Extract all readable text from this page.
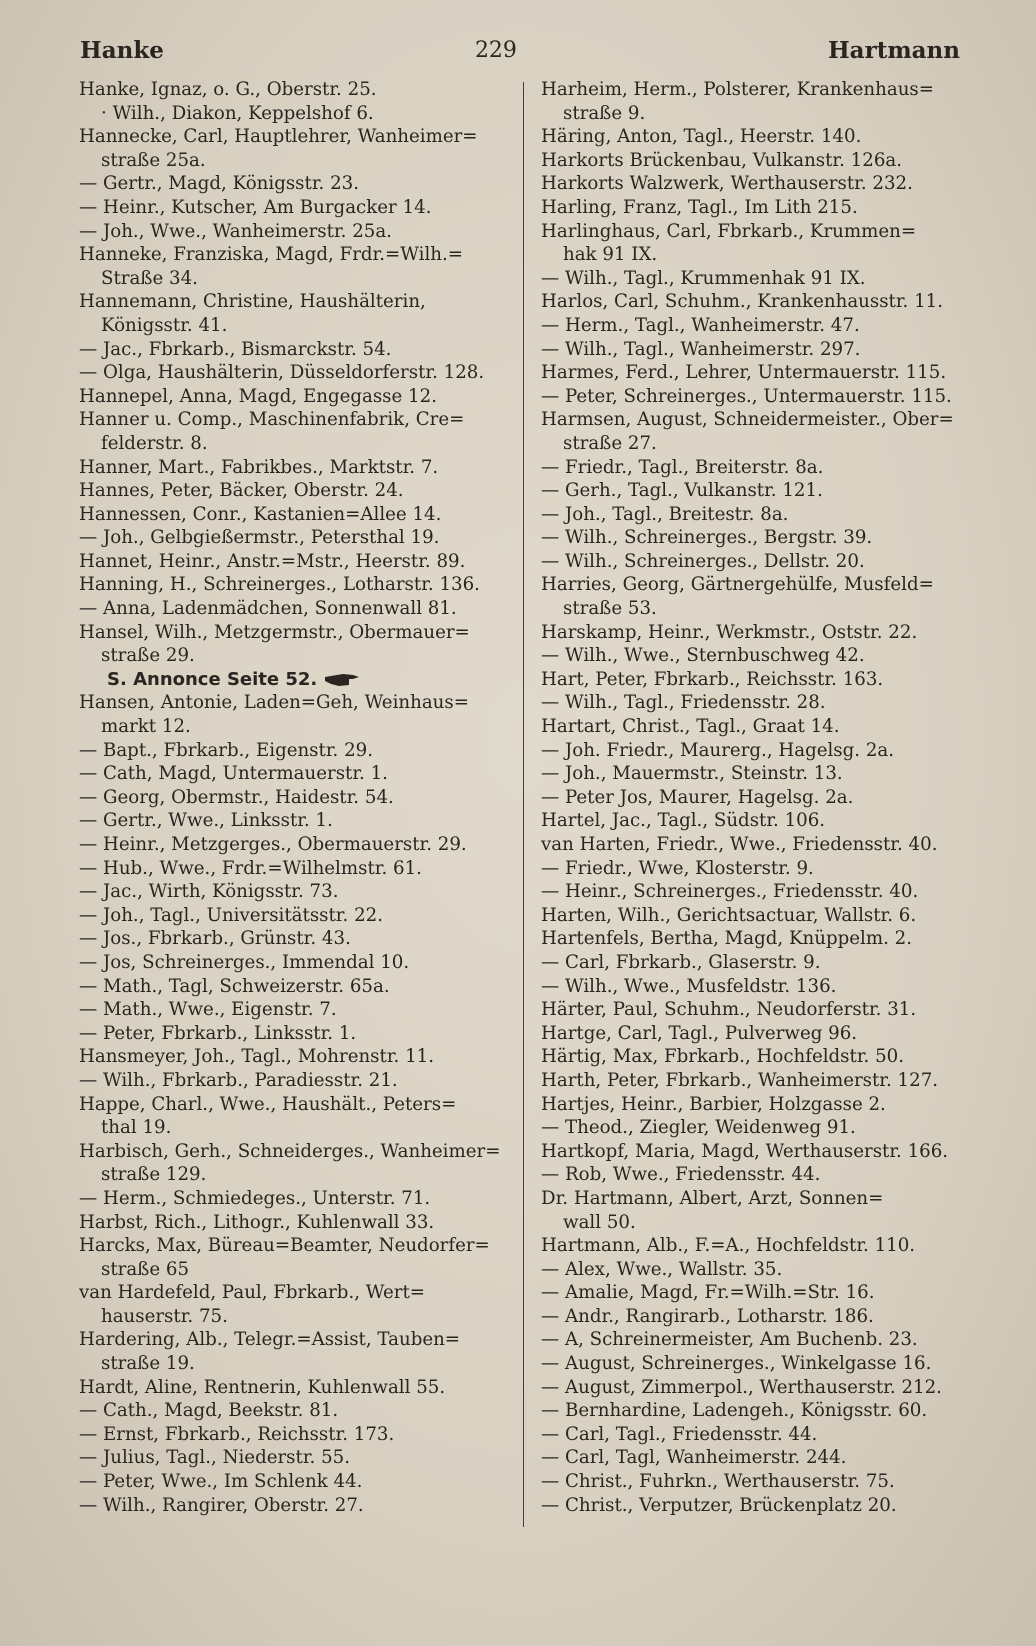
Hanke	229	Hartmann
Hanke, Ignaz, o. G., Oberstr. 25.
· Wilh., Diakon, Keppelshof 6.
Hannecke, Carl, Hauptlehrer, Wanheimer=
straße 25a.
— Gertr., Magd, Königsstr. 23.
— Heinr., Kutscher, Am Burgacker 14.
— Joh., Wwe., Wanheimerstr. 25a.
Hanneke, Franziska, Magd, Frdr.=Wilh.=
Straße 34.
Hannemann, Christine, Haushälterin,
Königsstr. 41.
— Jac., Fbrkarb., Bismarckstr. 54.
— Olga, Haushälterin, Düsseldorferstr. 128.
Hannepel, Anna, Magd, Engegasse 12.
Hanner u. Comp., Maschinenfabrik, Cre=
felderstr. 8.
Hanner, Mart., Fabrikbes., Marktstr. 7.
Hannes, Peter, Bäcker, Oberstr. 24.
Hannessen, Conr., Kastanien=Allee 14.
— Joh., Gelbgießermstr., Petersthal 19.
Hannet, Heinr., Anstr.=Mstr., Heerstr. 89.
Hanning, H., Schreinerges., Lotharstr. 136.
— Anna, Ladenmädchen, Sonnenwall 81.
Hansel, Wilh., Metzgermstr., Obermauer=
straße 29.
S. Annonce Seite 52.
Hansen, Antonie, Laden=Geh, Weinhaus=
markt 12.
— Bapt., Fbrkarb., Eigenstr. 29.
— Cath, Magd, Untermauerstr. 1.
— Georg, Obermstr., Haidestr. 54.
— Gertr., Wwe., Linksstr. 1.
— Heinr., Metzgerges., Obermauerstr. 29.
— Hub., Wwe., Frdr.=Wilhelmstr. 61.
— Jac., Wirth, Königsstr. 73.
— Joh., Tagl., Universitätsstr. 22.
— Jos., Fbrkarb., Grünstr. 43.
— Jos, Schreinerges., Immendal 10.
— Math., Tagl, Schweizerstr. 65a.
— Math., Wwe., Eigenstr. 7.
— Peter, Fbrkarb., Linksstr. 1.
Hansmeyer, Joh., Tagl., Mohrenstr. 11.
— Wilh., Fbrkarb., Paradiesstr. 21.
Happe, Charl., Wwe., Haushält., Peters=
thal 19.
Harbisch, Gerh., Schneiderges., Wanheimer=
straße 129.
— Herm., Schmiedeges., Unterstr. 71.
Harbst, Rich., Lithogr., Kuhlenwall 33.
Harcks, Max, Büreau=Beamter, Neudorfer=
straße 65
van Hardefeld, Paul, Fbrkarb., Wert=
hauserstr. 75.
Hardering, Alb., Telegr.=Assist, Tauben=
straße 19.
Hardt, Aline, Rentnerin, Kuhlenwall 55.
— Cath., Magd, Beekstr. 81.
— Ernst, Fbrkarb., Reichsstr. 173.
— Julius, Tagl., Niederstr. 55.
— Peter, Wwe., Im Schlenk 44.
— Wilh., Rangirer, Oberstr. 27.
Harheim, Herm., Polsterer, Krankenhaus=
straße 9.
Häring, Anton, Tagl., Heerstr. 140.
Harkorts Brückenbau, Vulkanstr. 126a.
Harkorts Walzwerk, Werthauserstr. 232.
Harling, Franz, Tagl., Im Lith 215.
Harlinghaus, Carl, Fbrkarb., Krummen=
hak 91 IX.
— Wilh., Tagl., Krummenhak 91 IX.
Harlos, Carl, Schuhm., Krankenhausstr. 11.
— Herm., Tagl., Wanheimerstr. 47.
— Wilh., Tagl., Wanheimerstr. 297.
Harmes, Ferd., Lehrer, Untermauerstr. 115.
— Peter, Schreinerges., Untermauerstr. 115.
Harmsen, August, Schneidermeister., Ober=
straße 27.
— Friedr., Tagl., Breiterstr. 8a.
— Gerh., Tagl., Vulkanstr. 121.
— Joh., Tagl., Breitestr. 8a.
— Wilh., Schreinerges., Bergstr. 39.
— Wilh., Schreinerges., Dellstr. 20.
Harries, Georg, Gärtnergehülfe, Musfeld=
straße 53.
Harskamp, Heinr., Werkmstr., Oststr. 22.
— Wilh., Wwe., Sternbuschweg 42.
Hart, Peter, Fbrkarb., Reichsstr. 163.
— Wilh., Tagl., Friedensstr. 28.
Hartart, Christ., Tagl., Graat 14.
— Joh. Friedr., Maurerg., Hagelsg. 2a.
— Joh., Mauermstr., Steinstr. 13.
— Peter Jos, Maurer, Hagelsg. 2a.
Hartel, Jac., Tagl., Südstr. 106.
van Harten, Friedr., Wwe., Friedensstr. 40.
— Friedr., Wwe, Klosterstr. 9.
— Heinr., Schreinerges., Friedensstr. 40.
Harten, Wilh., Gerichtsactuar, Wallstr. 6.
Hartenfels, Bertha, Magd, Knüppelm. 2.
— Carl, Fbrkarb., Glaserstr. 9.
— Wilh., Wwe., Musfeldstr. 136.
Härter, Paul, Schuhm., Neudorferstr. 31.
Hartge, Carl, Tagl., Pulverweg 96.
Härtig, Max, Fbrkarb., Hochfeldstr. 50.
Harth, Peter, Fbrkarb., Wanheimerstr. 127.
Hartjes, Heinr., Barbier, Holzgasse 2.
— Theod., Ziegler, Weidenweg 91.
Hartkopf, Maria, Magd, Werthauserstr. 166.
— Rob, Wwe., Friedensstr. 44.
Dr. Hartmann, Albert, Arzt, Sonnen=
wall 50.
Hartmann, Alb., F.=A., Hochfeldstr. 110.
— Alex, Wwe., Wallstr. 35.
— Amalie, Magd, Fr.=Wilh.=Str. 16.
— Andr., Rangirarb., Lotharstr. 186.
— A, Schreinermeister, Am Buchenb. 23.
— August, Schreinerges., Winkelgasse 16.
— August, Zimmerpol., Werthauserstr. 212.
— Bernhardine, Ladengeh., Königsstr. 60.
— Carl, Tagl., Friedensstr. 44.
— Carl, Tagl, Wanheimerstr. 244.
— Christ., Fuhrkn., Werthauserstr. 75.
— Christ., Verputzer, Brückenplatz 20.
